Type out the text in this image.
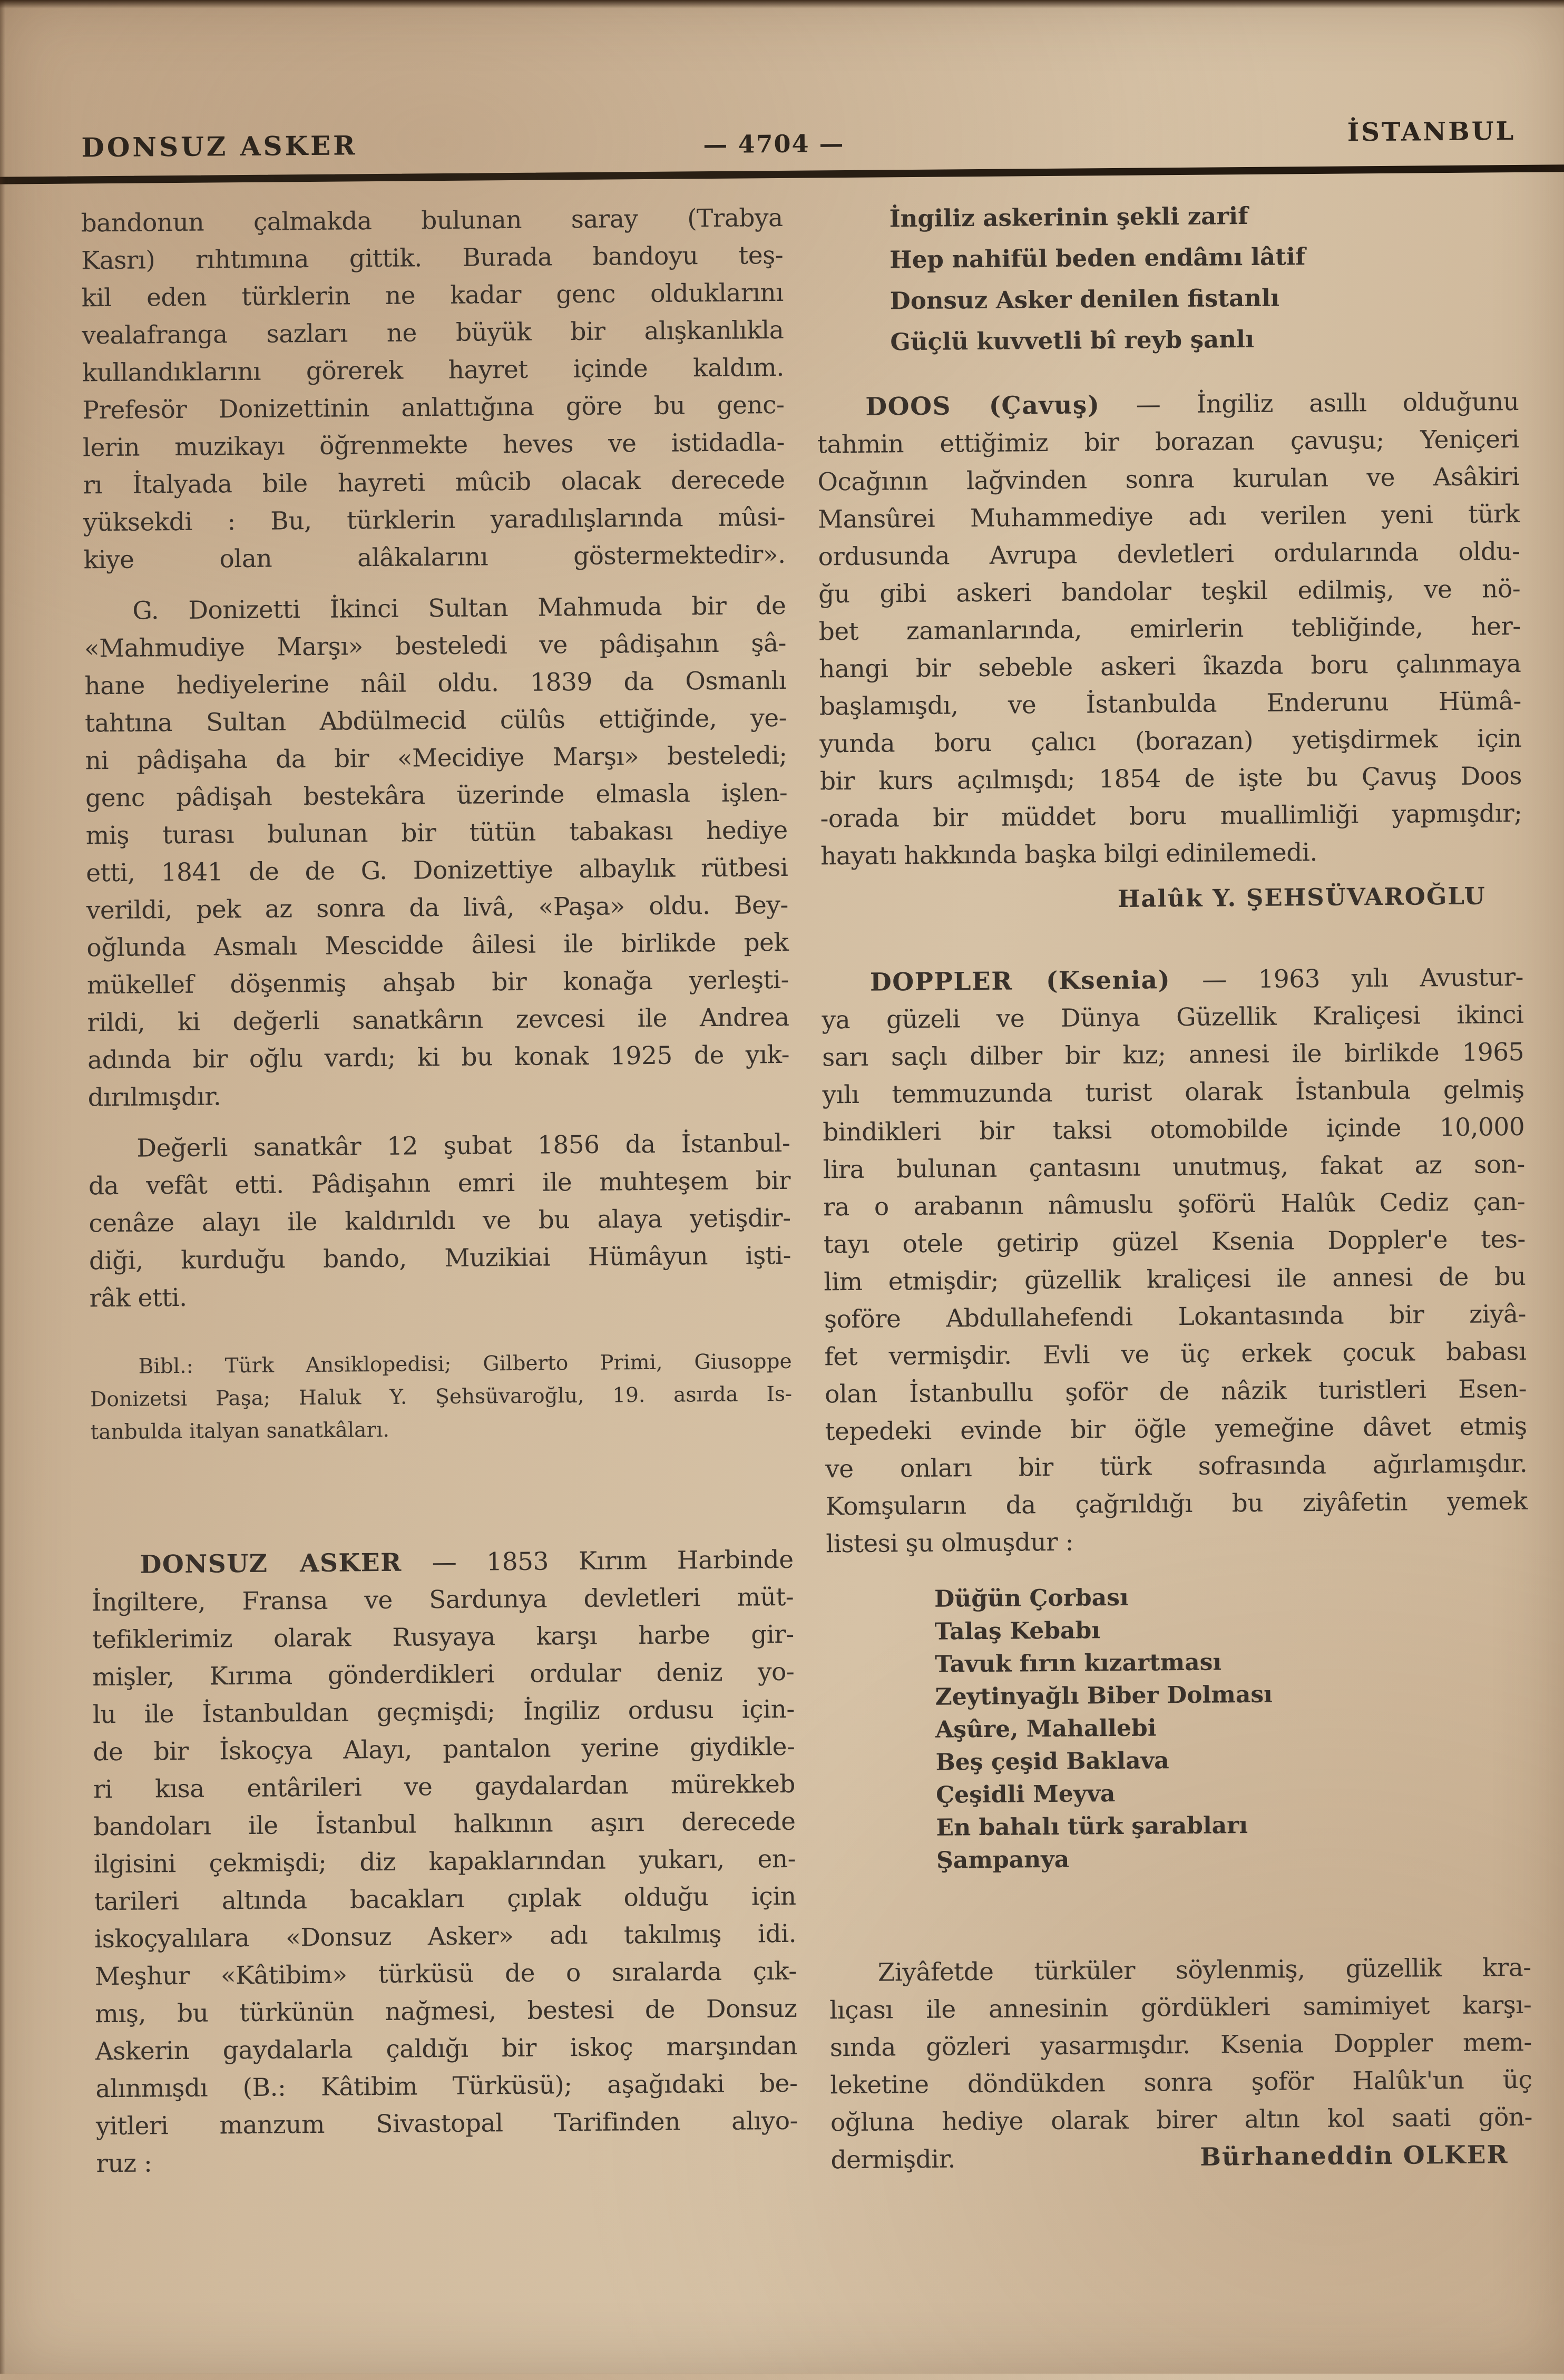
DONSUZ ASKER	— 4704 —	İSTANBUL
bandonun çalmakda bulunan saray (Trabya
Kasrı) rıhtımına gittik. Burada bandoyu teş-
kil eden türklerin ne kadar genc olduklarını
vealafranga sazları ne büyük bir alışkanlıkla
kullandıklarını görerek hayret içinde kaldım.
Prefesör Donizettinin anlattığına göre bu genc-
lerin muzikayı öğrenmekte heves ve istidadla-
rı İtalyada bile hayreti mûcib olacak derecede
yüksekdi : Bu, türklerin yaradılışlarında mûsi-
kiye olan alâkalarını göstermektedir».
G. Donizetti İkinci Sultan Mahmuda bir de
«Mahmudiye Marşı» besteledi ve pâdişahın şâ-
hane hediyelerine nâil oldu. 1839 da Osmanlı
tahtına Sultan Abdülmecid cülûs ettiğinde, ye-
ni pâdişaha da bir «Mecidiye Marşı» besteledi;
genc pâdişah bestekâra üzerinde elmasla işlen-
miş turası bulunan bir tütün tabakası hediye
etti, 1841 de de G. Donizettiye albaylık rütbesi
verildi, pek az sonra da livâ, «Paşa» oldu. Bey-
oğlunda Asmalı Mescidde âilesi ile birlikde pek
mükellef döşenmiş ahşab bir konağa yerleşti-
rildi, ki değerli sanatkârın zevcesi ile Andrea
adında bir oğlu vardı; ki bu konak 1925 de yık-
dırılmışdır.
Değerli sanatkâr 12 şubat 1856 da İstanbul-
da vefât etti. Pâdişahın emri ile muhteşem bir
cenâze alayı ile kaldırıldı ve bu alaya yetişdir-
diği, kurduğu bando, Muzikiai Hümâyun işti-
râk etti.
Bibl.: Türk Ansiklopedisi; Gilberto Primi, Giusoppe
Donizetsi Paşa; Haluk Y. Şehsüvaroğlu, 19. asırda Is-
tanbulda italyan sanatkâları.
DONSUZ ASKER — 1853 Kırım Harbinde
İngiltere, Fransa ve Sardunya devletleri müt-
tefiklerimiz olarak Rusyaya karşı harbe gir-
mişler, Kırıma gönderdikleri ordular deniz yo-
lu ile İstanbuldan geçmişdi; İngiliz ordusu için-
de bir İskoçya Alayı, pantalon yerine giydikle-
ri kısa entârileri ve gaydalardan mürekkeb
bandoları ile İstanbul halkının aşırı derecede
ilgisini çekmişdi; diz kapaklarından yukarı, en-
tarileri altında bacakları çıplak olduğu için
iskoçyalılara «Donsuz Asker» adı takılmış idi.
Meşhur «Kâtibim» türküsü de o sıralarda çık-
mış, bu türkünün nağmesi, bestesi de Donsuz
Askerin gaydalarla çaldığı bir iskoç marşından
alınmışdı (B.: Kâtibim Türküsü); aşağıdaki be-
yitleri manzum Sivastopal Tarifinden alıyo-
ruz :
İngiliz askerinin şekli zarif
Hep nahifül beden endâmı lâtif
Donsuz Asker denilen fistanlı
Güçlü kuvvetli bî reyb şanlı
DOOS (Çavuş) — İngiliz asıllı olduğunu
tahmin ettiğimiz bir borazan çavuşu; Yeniçeri
Ocağının lağvinden sonra kurulan ve Asâkiri
Mansûrei Muhammediye adı verilen yeni türk
ordusunda Avrupa devletleri ordularında oldu-
ğu gibi askeri bandolar teşkil edilmiş, ve nö-
bet zamanlarında, emirlerin tebliğinde, her-
hangi bir sebeble askeri îkazda boru çalınmaya
başlamışdı, ve İstanbulda Enderunu Hümâ-
yunda boru çalıcı (borazan) yetişdirmek için
bir kurs açılmışdı; 1854 de işte bu Çavuş Doos
-orada bir müddet boru muallimliği yapmışdır;
hayatı hakkında başka bilgi edinilemedi.
Halûk Y. ŞEHSÜVAROĞLU
DOPPLER (Ksenia) — 1963 yılı Avustur-
ya güzeli ve Dünya Güzellik Kraliçesi ikinci
sarı saçlı dilber bir kız; annesi ile birlikde 1965
yılı temmuzunda turist olarak İstanbula gelmiş
bindikleri bir taksi otomobilde içinde 10,000
lira bulunan çantasını unutmuş, fakat az son-
ra o arabanın nâmuslu şoförü Halûk Cediz çan-
tayı otele getirip güzel Ksenia Doppler'e tes-
lim etmişdir; güzellik kraliçesi ile annesi de bu
şoföre Abdullahefendi Lokantasında bir ziyâ-
fet vermişdir. Evli ve üç erkek çocuk babası
olan İstanbullu şoför de nâzik turistleri Esen-
tepedeki evinde bir öğle yemeğine dâvet etmiş
ve onları bir türk sofrasında ağırlamışdır.
Komşuların da çağrıldığı bu ziyâfetin yemek
listesi şu olmuşdur :
Düğün Çorbası
Talaş Kebabı
Tavuk fırın kızartması
Zeytinyağlı Biber Dolması
Aşûre, Mahallebi
Beş çeşid Baklava
Çeşidli Meyva
En bahalı türk şarabları
Şampanya
Ziyâfetde türküler söylenmiş, güzellik kra-
lıçası ile annesinin gördükleri samimiyet karşı-
sında gözleri yasarmışdır. Ksenia Doppler mem-
leketine döndükden sonra şoför Halûk'un üç
oğluna hediye olarak birer altın kol saati gön-
dermişdir.	Bürhaneddin OLKER
